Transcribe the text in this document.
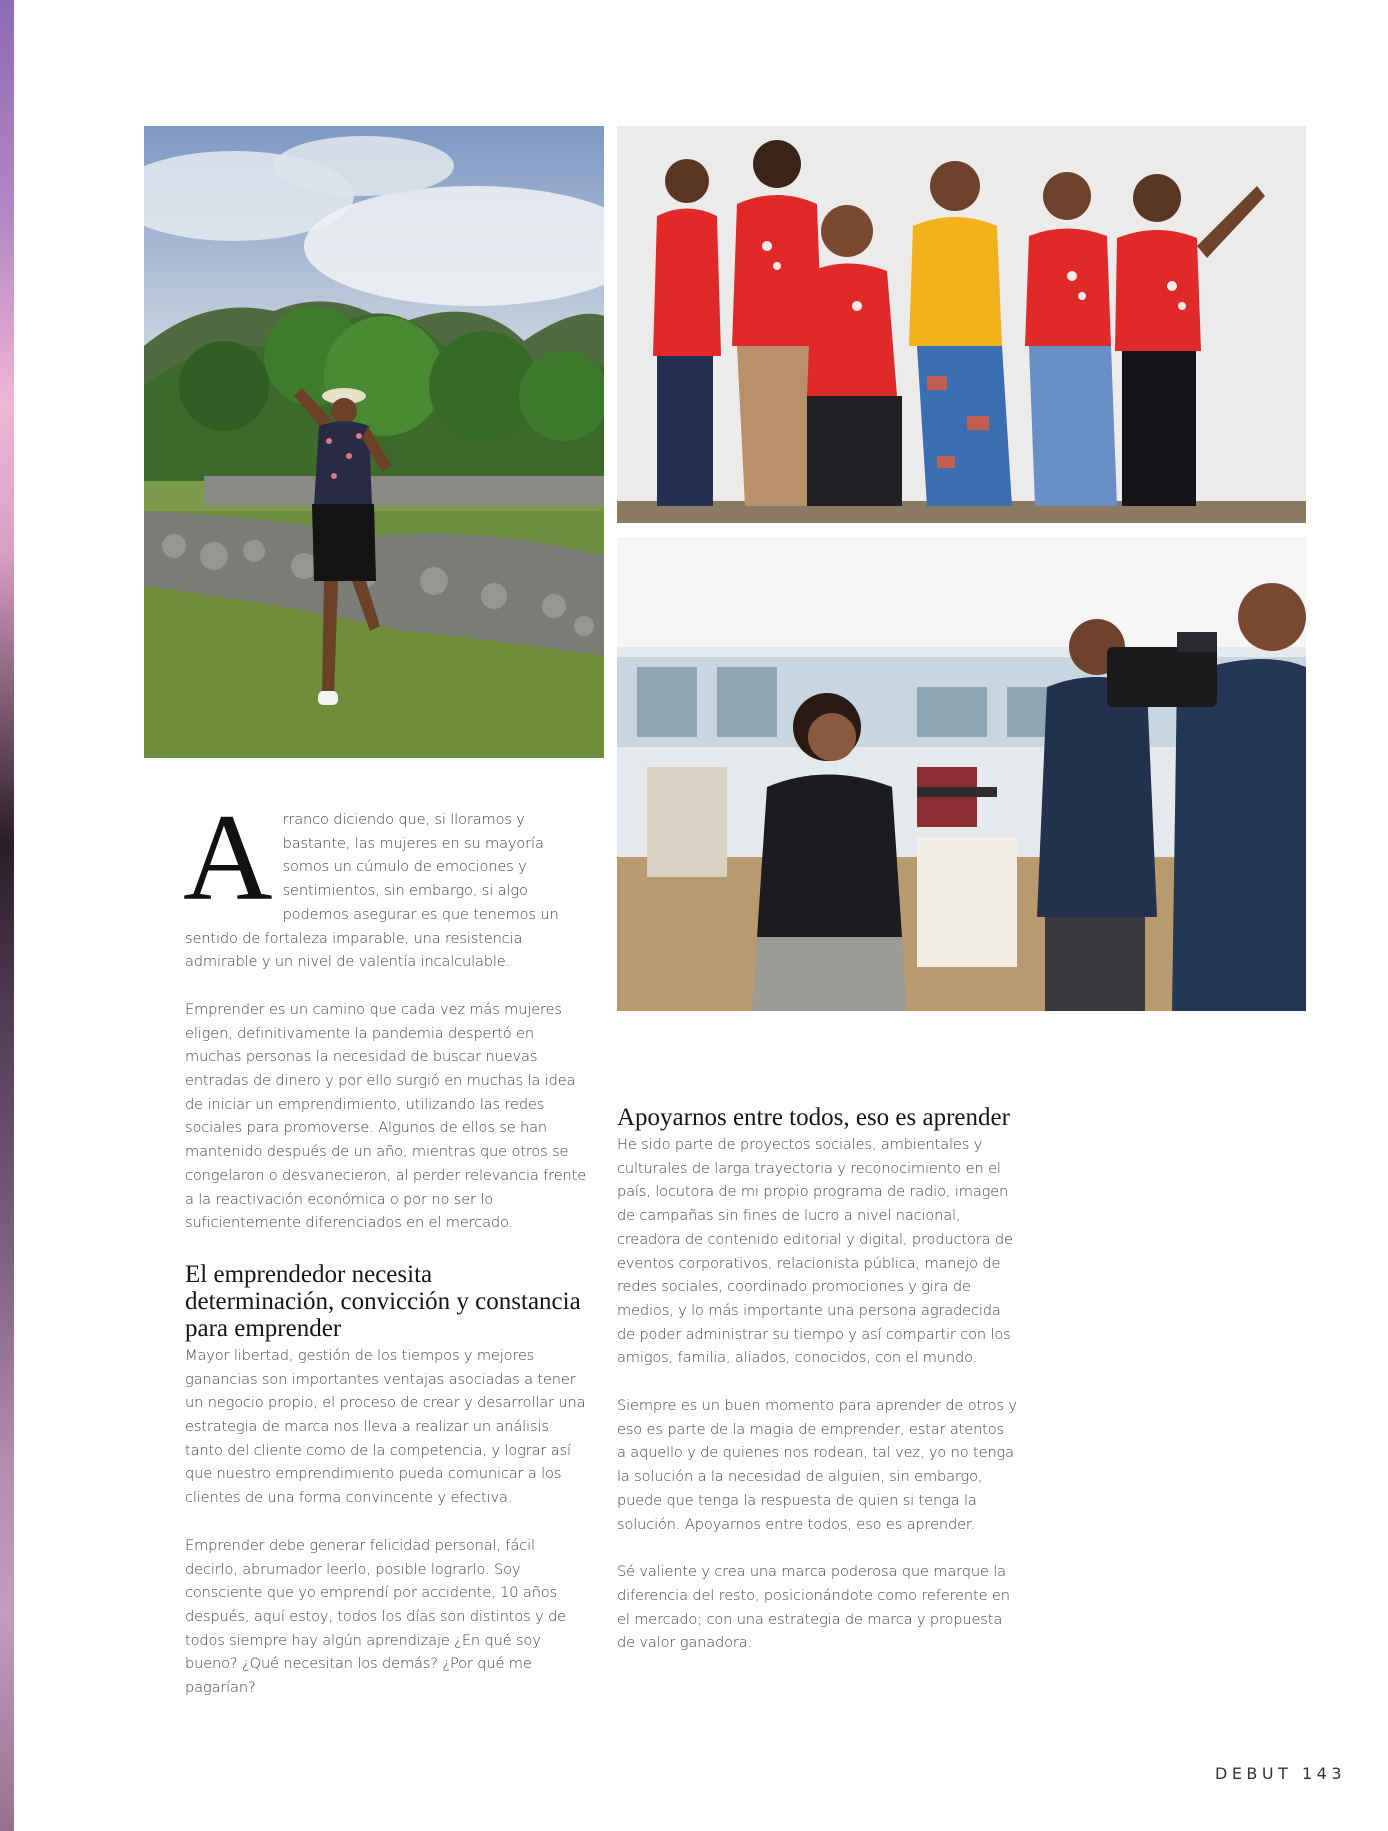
A rranco diciendo que, si lloramos y bastante, las mujeres en su mayoría somos un cúmulo de emociones y sentimientos, sin embargo, si algo podemos asegurar es que tenemos un sentido de fortaleza imparable, una resistencia admirable y un nivel de valentía incalculable.

Emprender es un camino que cada vez más mujeres eligen, definitivamente la pandemia despertó en muchas personas la necesidad de buscar nuevas entradas de dinero y por ello surgió en muchas la idea de iniciar un emprendimiento, utilizando las redes sociales para promoverse. Algunos de ellos se han mantenido después de un año, mientras que otros se congelaron o desvanecieron, al perder relevancia frente a la reactivación económica o por no ser lo suficientemente diferenciados en el mercado.

El emprendedor necesita determinación, convicción y constancia para emprender

Mayor libertad, gestión de los tiempos y mejores ganancias son importantes ventajas asociadas a tener un negocio propio, el proceso de crear y desarrollar una estrategia de marca nos lleva a realizar un análisis tanto del cliente como de la competencia, y lograr así que nuestro emprendimiento pueda comunicar a los clientes de una forma convincente y efectiva.

Emprender debe generar felicidad personal, fácil decirlo, abrumador leerlo, posible lograrlo. Soy consciente que yo emprendí por accidente, 10 años después, aquí estoy, todos los días son distintos y de todos siempre hay algún aprendizaje ¿En qué soy bueno? ¿Qué necesitan los demás? ¿Por qué me pagarían?

Apoyarnos entre todos, eso es aprender

He sido parte de proyectos sociales, ambientales y culturales de larga trayectoria y reconocimiento en el país, locutora de mi propio programa de radio, imagen de campañas sin fines de lucro a nivel nacional, creadora de contenido editorial y digital, productora de eventos corporativos, relacionista pública, manejo de redes sociales, coordinado promociones y gira de medios, y lo más importante una persona agradecida de poder administrar su tiempo y así compartir con los amigos, familia, aliados, conocidos, con el mundo.

Siempre es un buen momento para aprender de otros y eso es parte de la magia de emprender, estar atentos a aquello y de quienes nos rodean, tal vez, yo no tenga la solución a la necesidad de alguien, sin embargo, puede que tenga la respuesta de quien si tenga la solución. Apoyarnos entre todos, eso es aprender.

Sé valiente y crea una marca poderosa que marque la diferencia del resto, posicionándote como referente en el mercado; con una estrategia de marca y propuesta de valor ganadora.

DEBUT 143
